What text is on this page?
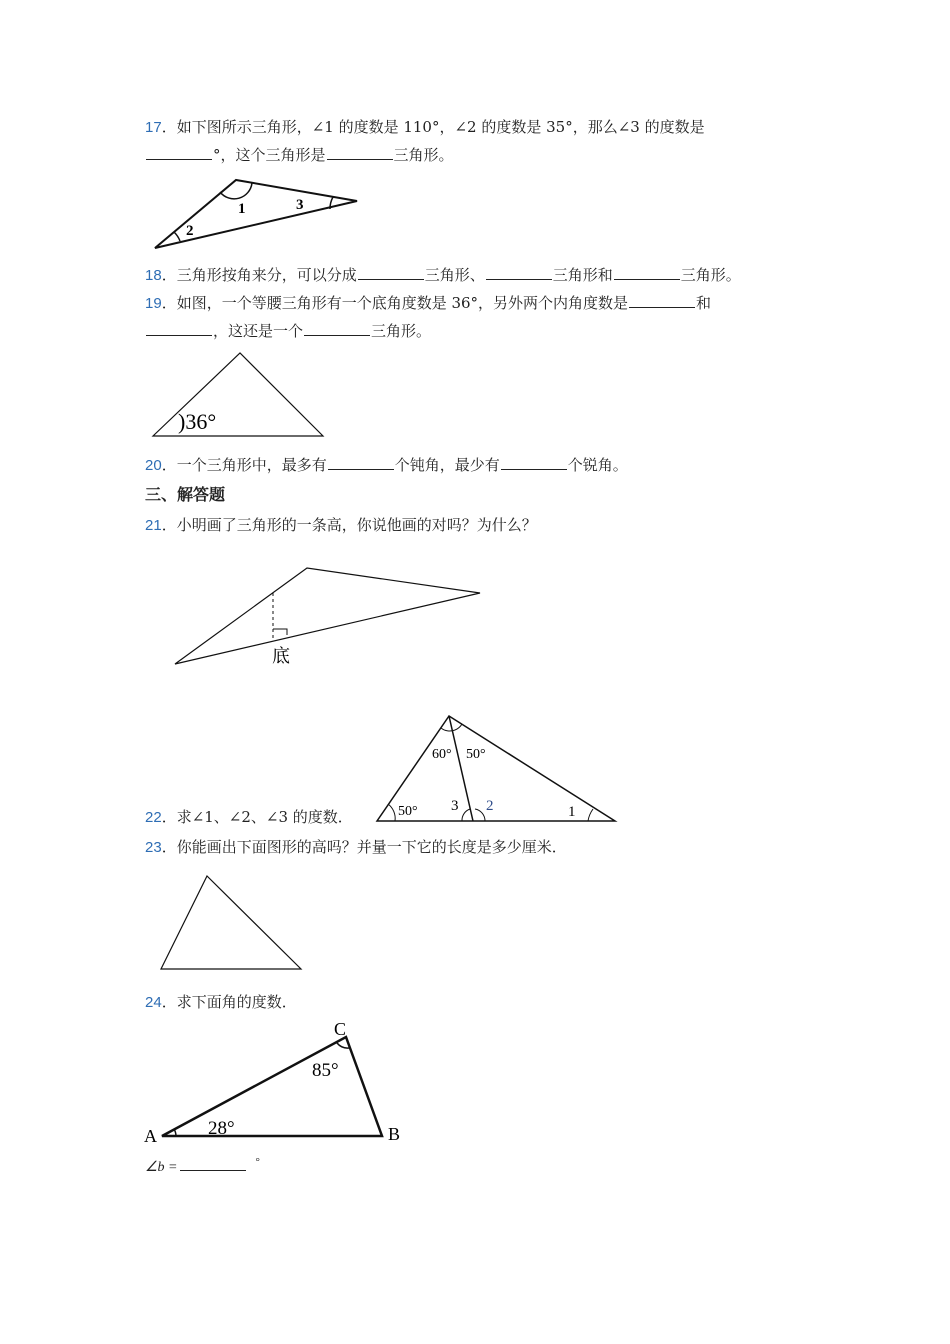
17．如下图所示三角形，∠1 的度数是 110°，∠2 的度数是 35°，那么∠3 的度数是
°，这个三角形是	三角形。
1
2
3
18．三角形按角来分，可以分成	三角形、	三角形和	三角形。
19．如图，一个等腰三角形有一个底角度数是 36°，另外两个内角度数是	和
，这还是一个	三角形。
)36°
20．一个三角形中，最多有	个钝角，最少有	个锐角。
三、解答题
21．小明画了三角形的一条高，你说他画的对吗？为什么？
底
22．求∠1、∠2、∠3 的度数．
60° 50°
50° 3 2	1
23．你能画出下面图形的高吗？并量一下它的长度是多少厘米．
24．求下面角的度数．
A	B
C
28°
85°
∠b =	°
